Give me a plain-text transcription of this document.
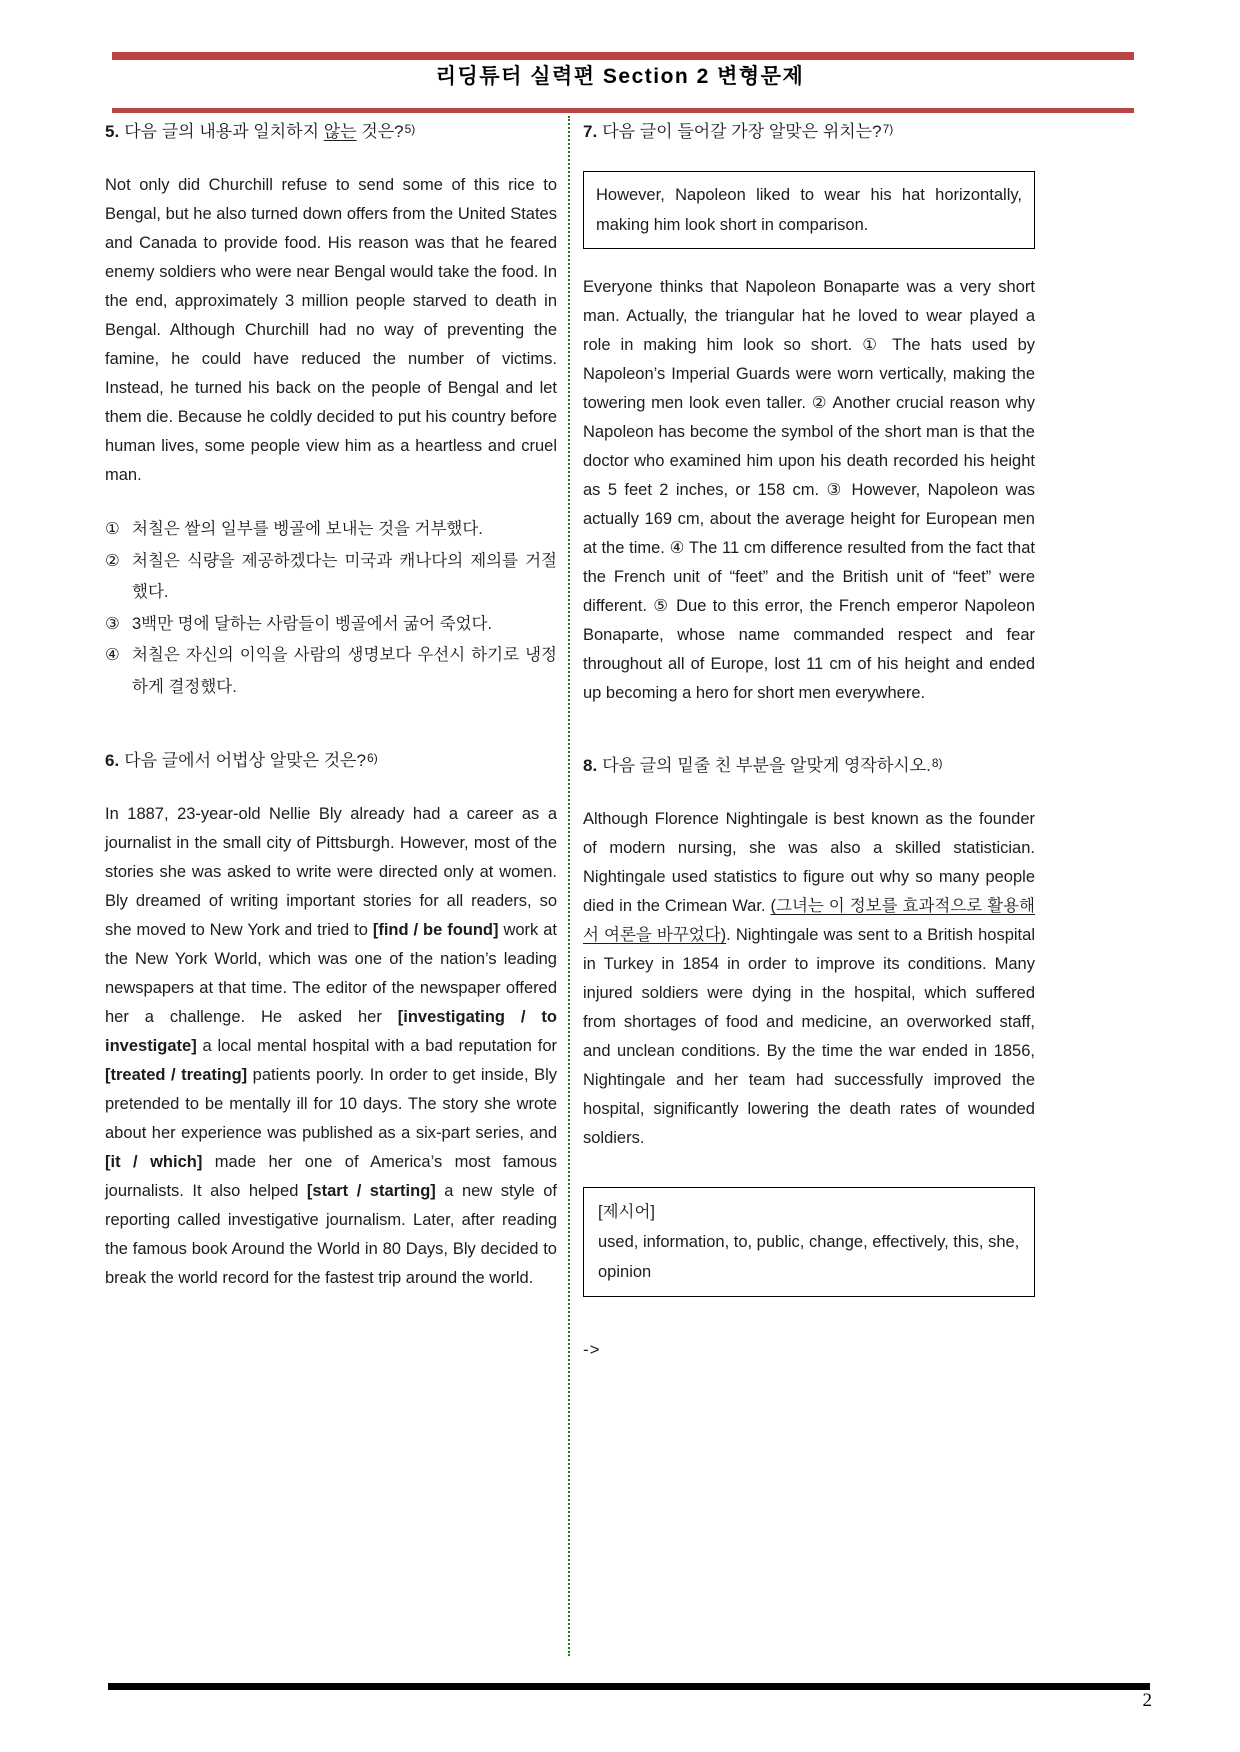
리딩튜터 실력편 Section 2 변형문제
5. 다음 글의 내용과 일치하지 않는 것은?$^{5)}$

Not only did Churchill refuse to send some of this rice to Bengal, but he also turned down offers from the United States and Canada to provide food. His reason was that he feared enemy soldiers who were near Bengal would take the food. In the end, approximately 3 million people starved to death in Bengal. Although Churchill had no way of preventing the famine, he could have reduced the number of victims. Instead, he turned his back on the people of Bengal and let them die. Because he coldly decided to put his country before human lives, some people view him as a heartless and cruel man.

① 처칠은 쌀의 일부를 벵골에 보내는 것을 거부했다.
② 처칠은 식량을 제공하겠다는 미국과 캐나다의 제의를 거절했다.
③ 3백만 명에 달하는 사람들이 벵골에서 굶어 죽었다.
④ 처칠은 자신의 이익을 사람의 생명보다 우선시 하기로 냉정하게 결정했다.
6. 다음 글에서 어법상 알맞은 것은?$^{6)}$

In 1887, 23-year-old Nellie Bly already had a career as a journalist in the small city of Pittsburgh. However, most of the stories she was asked to write were directed only at women. Bly dreamed of writing important stories for all readers, so she moved to New York and tried to [find / be found] work at the New York World, which was one of the nation’s leading newspapers at that time. The editor of the newspaper offered her a challenge. He asked her [investigating / to investigate] a local mental hospital with a bad reputation for [treated / treating] patients poorly. In order to get inside, Bly pretended to be mentally ill for 10 days. The story she wrote about her experience was published as a six-part series, and [it / which] made her one of America’s most famous journalists. It also helped [start / starting] a new style of reporting called investigative journalism. Later, after reading the famous book Around the World in 80 Days, Bly decided to break the world record for the fastest trip around the world.

7. 다음 글이 들어갈 가장 알맞은 위치는?$^{7)}$
However, Napoleon liked to wear his hat horizontally, making him look short in comparison.

Everyone thinks that Napoleon Bonaparte was a very short man. Actually, the triangular hat he loved to wear played a role in making him look so short. ① The hats used by Napoleon’s Imperial Guards were worn vertically, making the towering men look even taller. ② Another crucial reason why Napoleon has become the symbol of the short man is that the doctor who examined him upon his death recorded his height as 5 feet 2 inches, or 158 cm. ③ However, Napoleon was actually 169 cm, about the average height for European men at the time. ④ The 11 cm difference resulted from the fact that the French unit of “feet” and the British unit of “feet” were different. ⑤ Due to this error, the French emperor Napoleon Bonaparte, whose name commanded respect and fear throughout all of Europe, lost 11 cm of his height and ended up becoming a hero for short men everywhere.

8. 다음 글의 밑줄 친 부분을 알맞게 영작하시오.$^{8)}$

Although Florence Nightingale is best known as the founder of modern nursing, she was also a skilled statistician. Nightingale used statistics to figure out why so many people died in the Crimean War. (그녀는 이 정보를 효과적으로 활용해서 여론을 바꾸었다). Nightingale was sent to a British hospital in Turkey in 1854 in order to improve its conditions. Many injured soldiers were dying in the hospital, which suffered from shortages of food and medicine, an overworked staff, and unclean conditions. By the time the war ended in 1856, Nightingale and her team had successfully improved the hospital, significantly lowering the death rates of wounded soldiers.

[제시어]
used, information, to, public, change, effectively, this, she, opinion
->
2
